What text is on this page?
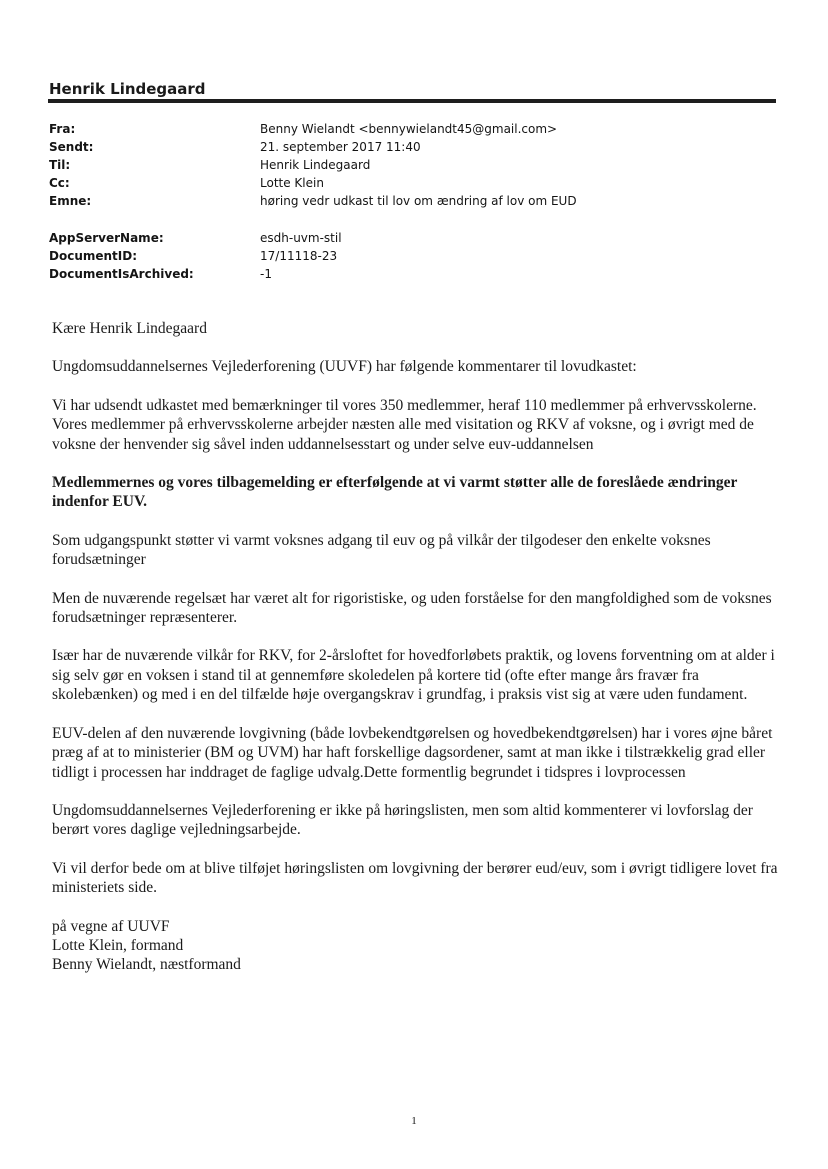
Henrik Lindegaard
Fra:	Benny Wielandt <bennywielandt45@gmail.com>
Sendt:	21. september 2017 11:40
Til:	Henrik Lindegaard
Cc:	Lotte Klein
Emne:	høring vedr udkast til lov om ændring af lov om EUD
AppServerName:	esdh-uvm-stil
DocumentID:	17/11118-23
DocumentIsArchived:	-1

Kære Henrik Lindegaard

Ungdomsuddannelsernes Vejlederforening (UUVF) har følgende kommentarer til lovudkastet:

Vi har udsendt udkastet med bemærkninger til vores 350 medlemmer, heraf 110 medlemmer på erhvervsskolerne. Vores medlemmer på erhvervsskolerne arbejder næsten alle med visitation og RKV af voksne, og i øvrigt med de voksne der henvender sig såvel inden uddannelsesstart og under selve euv-uddannelsen

Medlemmernes og vores tilbagemelding er efterfølgende at vi varmt støtter alle de foreslåede ændringer indenfor EUV.

Som udgangspunkt støtter vi varmt voksnes adgang til euv og på vilkår der tilgodeser den enkelte voksnes forudsætninger

Men de nuværende regelsæt har været alt for rigoristiske, og uden forståelse for den mangfoldighed som de voksnes forudsætninger repræsenterer.

Især har de nuværende vilkår for RKV, for 2-årsloftet for hovedforløbets praktik, og lovens forventning om at alder i sig selv gør en voksen i stand til at gennemføre skoledelen på kortere tid (ofte efter mange års fravær fra skolebænken) og med i en del tilfælde høje overgangskrav i grundfag, i praksis vist sig at være uden fundament.

EUV-delen af den nuværende lovgivning (både lovbekendtgørelsen og hovedbekendtgørelsen) har i vores øjne båret præg af at to ministerier (BM og UVM) har haft forskellige dagsordener, samt at man ikke i tilstrækkelig grad eller tidligt i processen har inddraget de faglige udvalg.Dette formentlig begrundet i tidspres i lovprocessen

Ungdomsuddannelsernes Vejlederforening er ikke på høringslisten, men som altid kommenterer vi lovforslag der berørt vores daglige vejledningsarbejde.

Vi vil derfor bede om at blive tilføjet høringslisten om lovgivning der berører eud/euv, som i øvrigt tidligere lovet fra ministeriets side.

på vegne af UUVF
Lotte Klein, formand
Benny Wielandt, næstformand
1
